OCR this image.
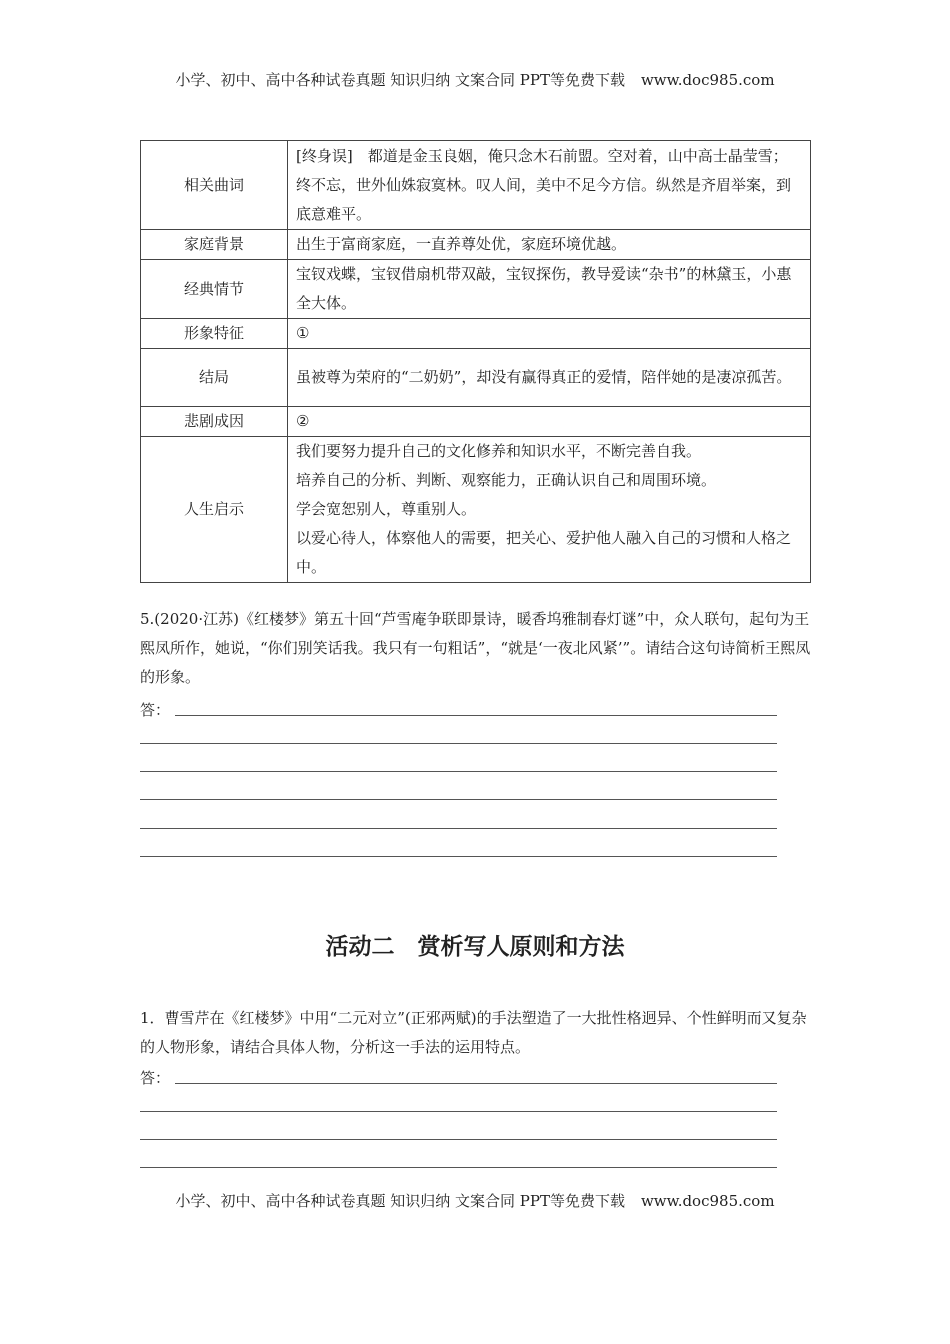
小学、初中、高中各种试卷真题 知识归纳 文案合同 PPT等免费下载 www.doc985.com
相关曲词	[终身误]　都道是金玉良姻，俺只念木石前盟。空对着，山中高士晶莹雪；终不忘，世外仙姝寂寞林。叹人间，美中不足今方信。纵然是齐眉举案，到底意难平。

家庭背景	出生于富商家庭，一直养尊处优，家庭环境优越。

经典情节	宝钗戏蝶，宝钗借扇机带双敲，宝钗探伤，教导爱读“杂书”的林黛玉，小惠全大体。

形象特征	①

结局	虽被尊为荣府的“二奶奶”，却没有赢得真正的爱情，陪伴她的是凄凉孤苦。

悲剧成因	②

人生启示	我们要努力提升自己的文化修养和知识水平，不断完善自我。
培养自己的分析、判断、观察能力，正确认识自己和周围环境。
学会宽恕别人，尊重别人。
以爱心待人，体察他人的需要，把关心、爱护他人融入自己的习惯和人格之中。
5.(2020·江苏)《红楼梦》第五十回“芦雪庵争联即景诗，暖香坞雅制春灯谜”中，众人联句，起句为王熙凤所作，她说，“你们别笑话我。我只有一句粗话”，“就是‘一夜北风紧’”。请结合这句诗简析王熙凤的形象。
答：
活动二　赏析写人原则和方法
1．曹雪芹在《红楼梦》中用“二元对立”(正邪两赋)的手法塑造了一大批性格迥异、个性鲜明而又复杂的人物形象，请结合具体人物，分析这一手法的运用特点。
答：
小学、初中、高中各种试卷真题 知识归纳 文案合同 PPT等免费下载 www.doc985.com
